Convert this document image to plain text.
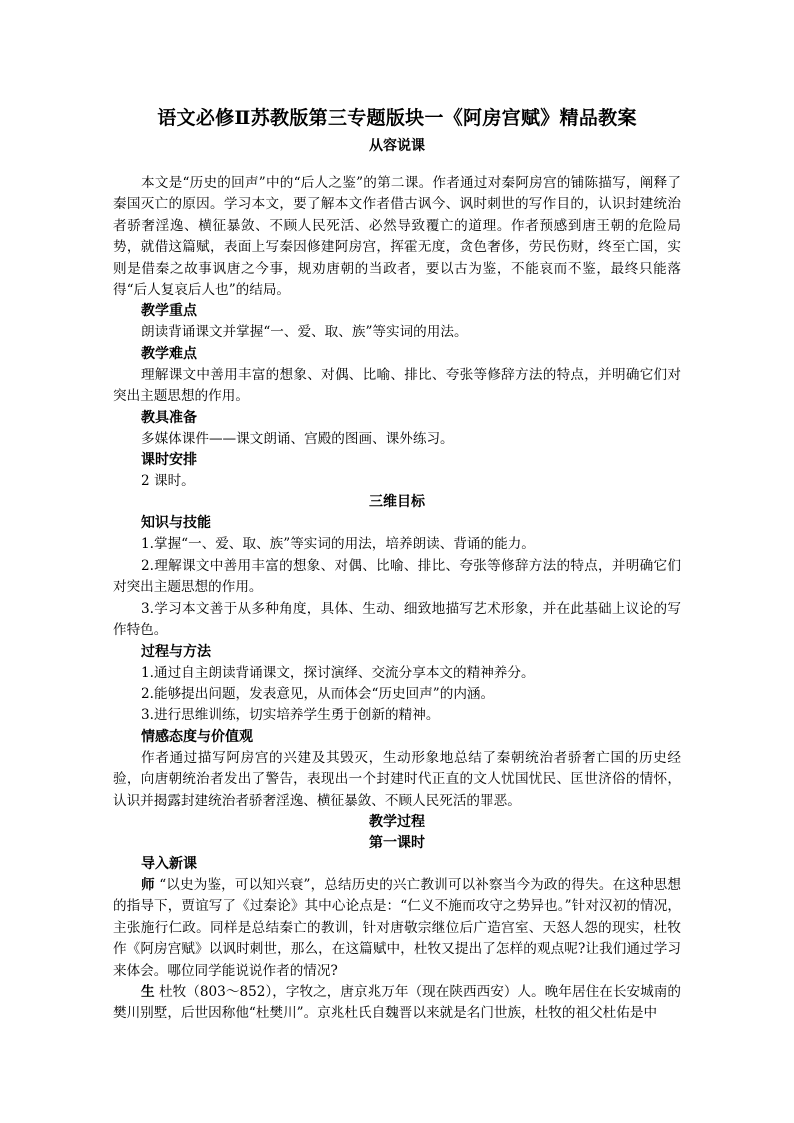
语文必修Ⅱ苏教版第三专题版块一《阿房宫赋》精品教案
从容说课

本文是“历史的回声”中的“后人之鉴”的第二课。作者通过对秦阿房宫的铺陈描写，阐释了秦国灭亡的原因。学习本文，要了解本文作者借古讽今、讽时刺世的写作目的，认识封建统治者骄奢淫逸、横征暴敛、不顾人民死活、必然导致覆亡的道理。作者预感到唐王朝的危险局势，就借这篇赋，表面上写秦因修建阿房宫，挥霍无度，贪色奢侈，劳民伤财，终至亡国，实则是借秦之故事讽唐之今事，规劝唐朝的当政者，要以古为鉴，不能哀而不鉴，最终只能落得“后人复哀后人也”的结局。

教学重点

朗读背诵课文并掌握“一、爱、取、族”等实词的用法。

教学难点

理解课文中善用丰富的想象、对偶、比喻、排比、夸张等修辞方法的特点，并明确它们对突出主题思想的作用。

教具准备

多媒体课件——课文朗诵、宫殿的图画、课外练习。

课时安排

2 课时。

三维目标
知识与技能

1.掌握“一、爱、取、族”等实词的用法，培养朗读、背诵的能力。

2.理解课文中善用丰富的想象、对偶、比喻、排比、夸张等修辞方法的特点，并明确它们对突出主题思想的作用。

3.学习本文善于从多种角度，具体、生动、细致地描写艺术形象，并在此基础上议论的写作特色。

过程与方法

1.通过自主朗读背诵课文，探讨演绎、交流分享本文的精神养分。

2.能够提出问题，发表意见，从而体会“历史回声”的内涵。

3.进行思维训练，切实培养学生勇于创新的精神。

情感态度与价值观

作者通过描写阿房宫的兴建及其毁灭，生动形象地总结了秦朝统治者骄奢亡国的历史经验，向唐朝统治者发出了警告，表现出一个封建时代正直的文人忧国忧民、匡世济俗的情怀，认识并揭露封建统治者骄奢淫逸、横征暴敛、不顾人民死活的罪恶。

教学过程
第一课时
导入新课

师 “以史为鉴，可以知兴衰”，总结历史的兴亡教训可以补察当今为政的得失。在这种思想的指导下，贾谊写了《过秦论》其中心论点是：“仁义不施而攻守之势异也。”针对汉初的情况，主张施行仁政。同样是总结秦亡的教训，针对唐敬宗继位后广造宫室、天怒人怨的现实，杜牧作《阿房宫赋》以讽时刺世，那么，在这篇赋中，杜牧又提出了怎样的观点呢?让我们通过学习来体会。哪位同学能说说作者的情况?

生 杜牧（803～852），字牧之，唐京兆万年（现在陕西西安）人。晚年居住在长安城南的樊川别墅，后世因称他“杜樊川”。京兆杜氏自魏晋以来就是名门世族，杜牧的祖父杜佑是中
